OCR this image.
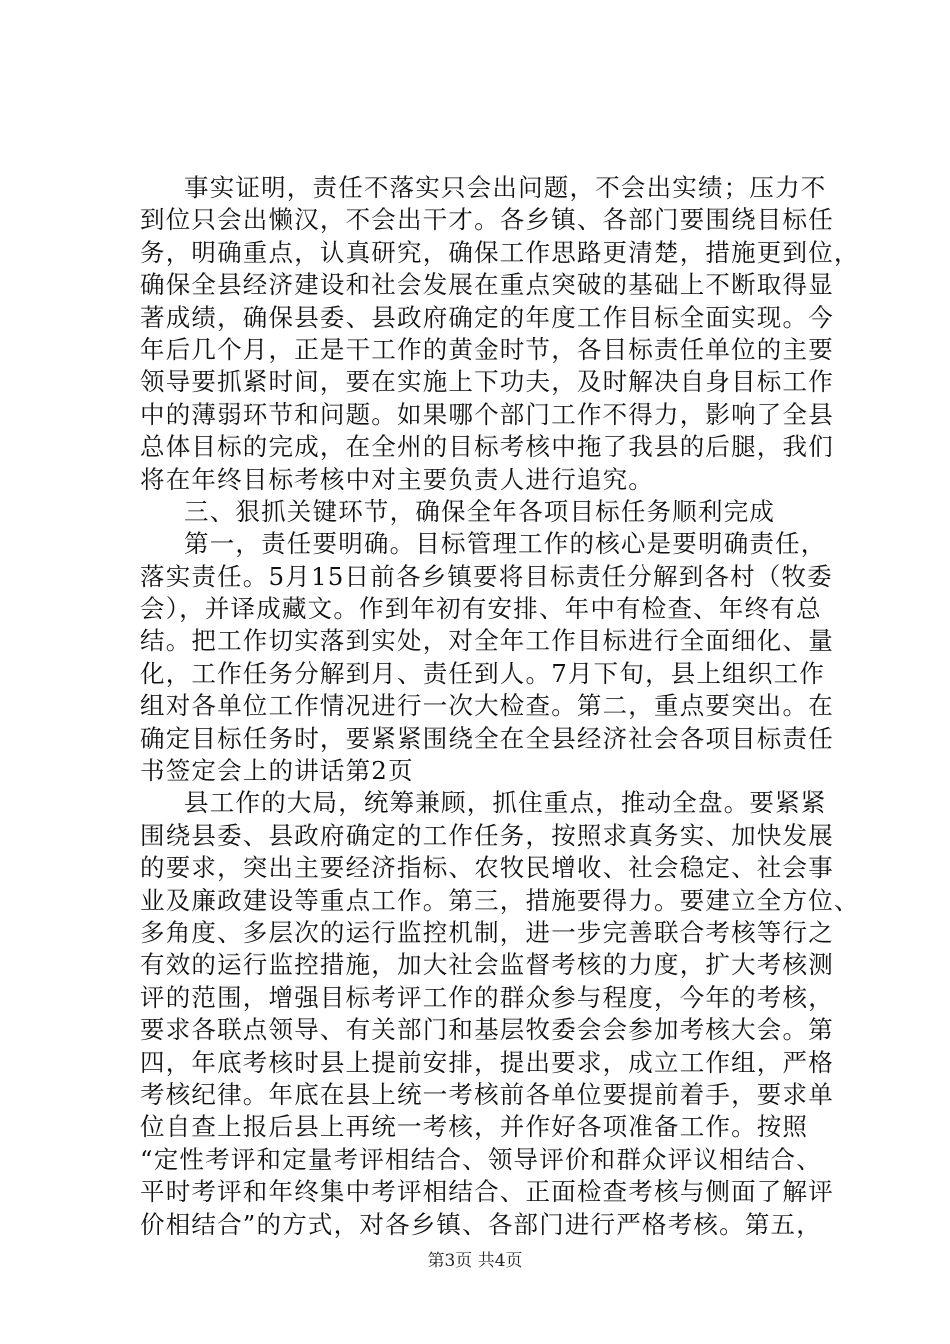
事实证明，责任不落实只会出问题，不会出实绩；压力不
到位只会出懒汉，不会出干才。各乡镇、各部门要围绕目标任
务，明确重点，认真研究，确保工作思路更清楚，措施更到位，
确保全县经济建设和社会发展在重点突破的基础上不断取得显
著成绩，确保县委、县政府确定的年度工作目标全面实现。今
年后几个月，正是干工作的黄金时节，各目标责任单位的主要
领导要抓紧时间，要在实施上下功夫，及时解决自身目标工作
中的薄弱环节和问题。如果哪个部门工作不得力，影响了全县
总体目标的完成，在全州的目标考核中拖了我县的后腿，我们
将在年终目标考核中对主要负责人进行追究。
三、狠抓关键环节，确保全年各项目标任务顺利完成
第一，责任要明确。目标管理工作的核心是要明确责任，
落实责任。5月15日前各乡镇要将目标责任分解到各村（牧委
会），并译成藏文。作到年初有安排、年中有检查、年终有总
结。把工作切实落到实处，对全年工作目标进行全面细化、量
化，工作任务分解到月、责任到人。7月下旬，县上组织工作
组对各单位工作情况进行一次大检查。第二，重点要突出。在
确定目标任务时，要紧紧围绕全在全县经济社会各项目标责任
书签定会上的讲话第2页
县工作的大局，统筹兼顾，抓住重点，推动全盘。要紧紧
围绕县委、县政府确定的工作任务，按照求真务实、加快发展
的要求，突出主要经济指标、农牧民增收、社会稳定、社会事
业及廉政建设等重点工作。第三，措施要得力。要建立全方位、
多角度、多层次的运行监控机制，进一步完善联合考核等行之
有效的运行监控措施，加大社会监督考核的力度，扩大考核测
评的范围，增强目标考评工作的群众参与程度，今年的考核，
要求各联点领导、有关部门和基层牧委会会参加考核大会。第
四，年底考核时县上提前安排，提出要求，成立工作组，严格
考核纪律。年底在县上统一考核前各单位要提前着手，要求单
位自查上报后县上再统一考核，并作好各项准备工作。按照
“定性考评和定量考评相结合、领导评价和群众评议相结合、
平时考评和年终集中考评相结合、正面检查考核与侧面了解评
价相结合”的方式，对各乡镇、各部门进行严格考核。第五，
第3页 共4页
